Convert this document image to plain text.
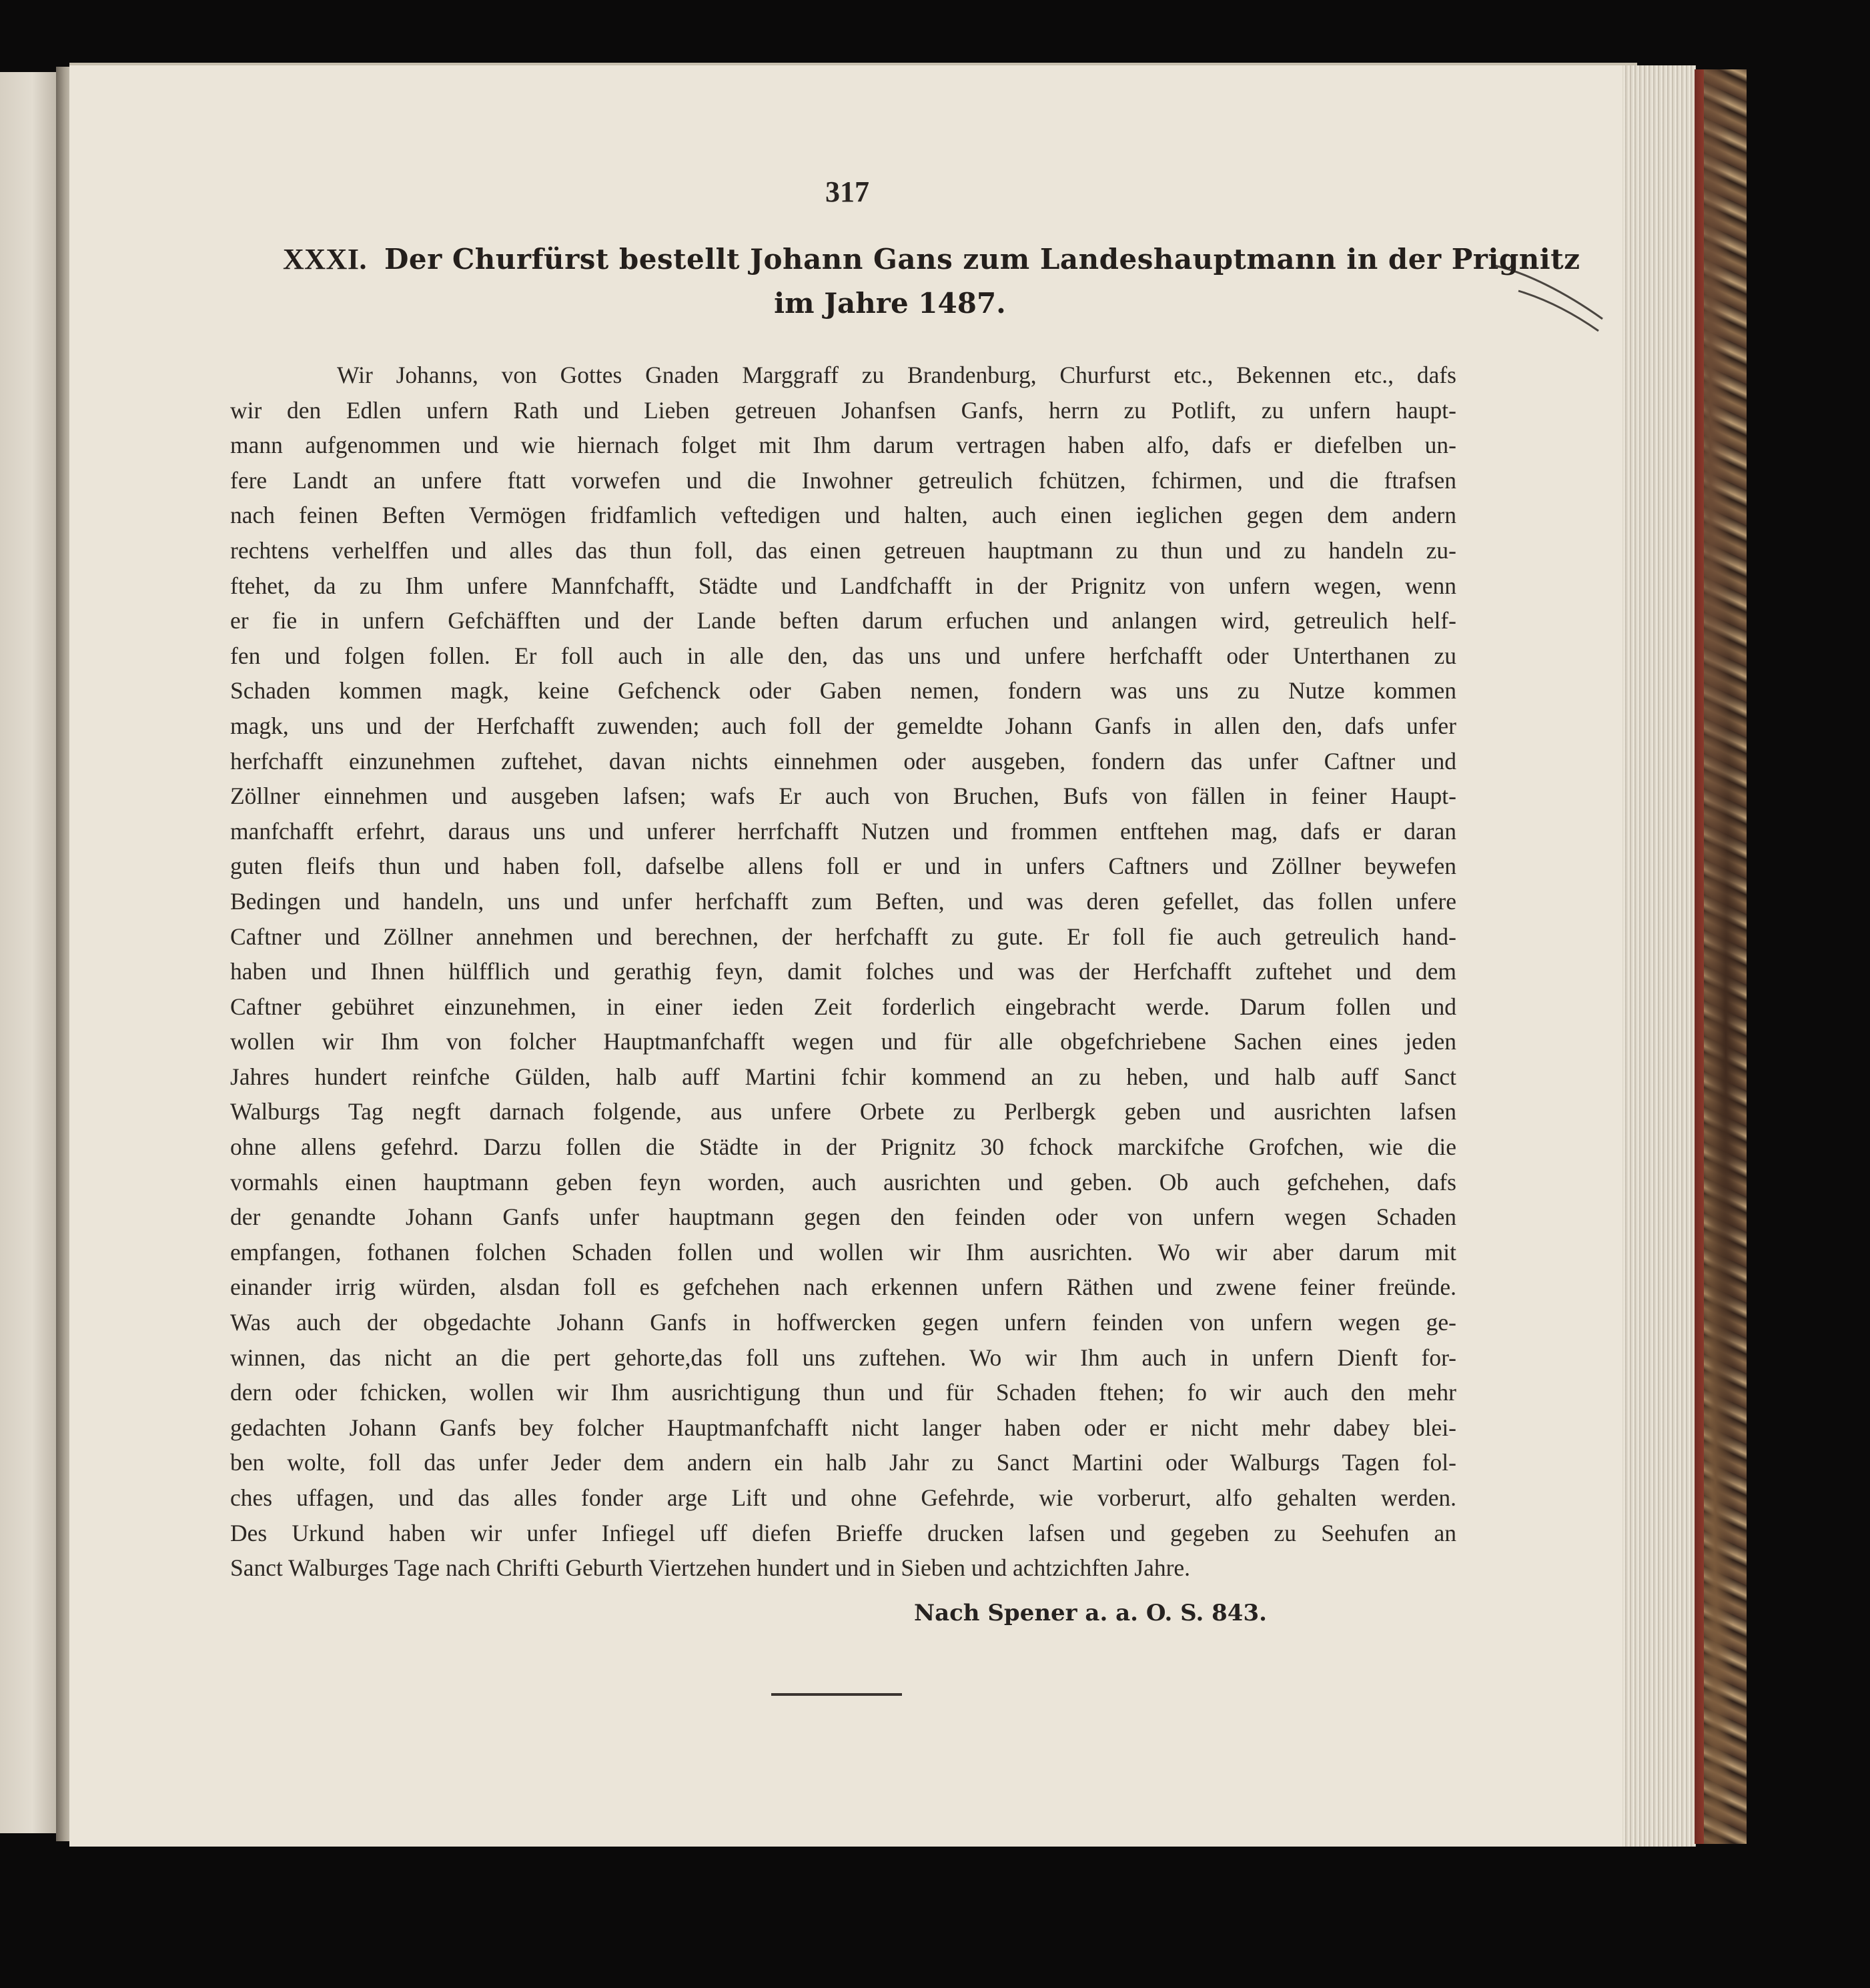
317
XXXI. Der Churfürst bestellt Johann Gans zum Landeshauptmann in der Prignitz
im Jahre 1487.
Wir Johanns, von Gottes Gnaden Marggraff zu Brandenburg, Churfurst etc., Bekennen etc., dafs
wir den Edlen unfern Rath und Lieben getreuen Johanfsen Ganfs, herrn zu Potlift, zu unfern haupt-
mann aufgenommen und wie hiernach folget mit Ihm darum vertragen haben alfo, dafs er diefelben un-
fere Landt an unfere ftatt vorwefen und die Inwohner getreulich fchützen, fchirmen, und die ftrafsen
nach feinen Beften Vermögen fridfamlich veftedigen und halten, auch einen ieglichen gegen dem andern
rechtens verhelffen und alles das thun foll, das einen getreuen hauptmann zu thun und zu handeln zu-
ftehet, da zu Ihm unfere Mannfchafft, Städte und Landfchafft in der Prignitz von unfern wegen, wenn
er fie in unfern Gefchäfften und der Lande beften darum erfuchen und anlangen wird, getreulich helf-
fen und folgen follen. Er foll auch in alle den, das uns und unfere herfchafft oder Unterthanen zu
Schaden kommen magk, keine Gefchenck oder Gaben nemen, fondern was uns zu Nutze kommen
magk, uns und der Herfchafft zuwenden; auch foll der gemeldte Johann Ganfs in allen den, dafs unfer
herfchafft einzunehmen zuftehet, davan nichts einnehmen oder ausgeben, fondern das unfer Caftner und
Zöllner einnehmen und ausgeben lafsen; wafs Er auch von Bruchen, Bufs von fällen in feiner Haupt-
manfchafft erfehrt, daraus uns und unferer herrfchafft Nutzen und frommen entftehen mag, dafs er daran
guten fleifs thun und haben foll, dafselbe allens foll er und in unfers Caftners und Zöllner beywefen
Bedingen und handeln, uns und unfer herfchafft zum Beften, und was deren gefellet, das follen unfere
Caftner und Zöllner annehmen und berechnen, der herfchafft zu gute. Er foll fie auch getreulich hand-
haben und Ihnen hülfflich und gerathig feyn, damit folches und was der Herfchafft zuftehet und dem
Caftner gebühret einzunehmen, in einer ieden Zeit forderlich eingebracht werde. Darum follen und
wollen wir Ihm von folcher Hauptmanfchafft wegen und für alle obgefchriebene Sachen eines jeden
Jahres hundert reinfche Gülden, halb auff Martini fchir kommend an zu heben, und halb auff Sanct
Walburgs Tag negft darnach folgende, aus unfere Orbete zu Perlbergk geben und ausrichten lafsen
ohne allens gefehrd. Darzu follen die Städte in der Prignitz 30 fchock marckifche Grofchen, wie die
vormahls einen hauptmann geben feyn worden, auch ausrichten und geben. Ob auch gefchehen, dafs
der genandte Johann Ganfs unfer hauptmann gegen den feinden oder von unfern wegen Schaden
empfangen, fothanen folchen Schaden follen und wollen wir Ihm ausrichten. Wo wir aber darum mit
einander irrig würden, alsdan foll es gefchehen nach erkennen unfern Räthen und zwene feiner freünde.
Was auch der obgedachte Johann Ganfs in hoffwercken gegen unfern feinden von unfern wegen ge-
winnen, das nicht an die pert gehorte,das foll uns zuftehen. Wo wir Ihm auch in unfern Dienft for-
dern oder fchicken, wollen wir Ihm ausrichtigung thun und für Schaden ftehen; fo wir auch den mehr
gedachten Johann Ganfs bey folcher Hauptmanfchafft nicht langer haben oder er nicht mehr dabey blei-
ben wolte, foll das unfer Jeder dem andern ein halb Jahr zu Sanct Martini oder Walburgs Tagen fol-
ches uffagen, und das alles fonder arge Lift und ohne Gefehrde, wie vorberurt, alfo gehalten werden.
Des Urkund haben wir unfer Infiegel uff diefen Brieffe drucken lafsen und gegeben zu Seehufen an
Sanct Walburges Tage nach Chrifti Geburth Viertzehen hundert und in Sieben und achtzichften Jahre.
Nach Spener a. a. O. S. 843.
